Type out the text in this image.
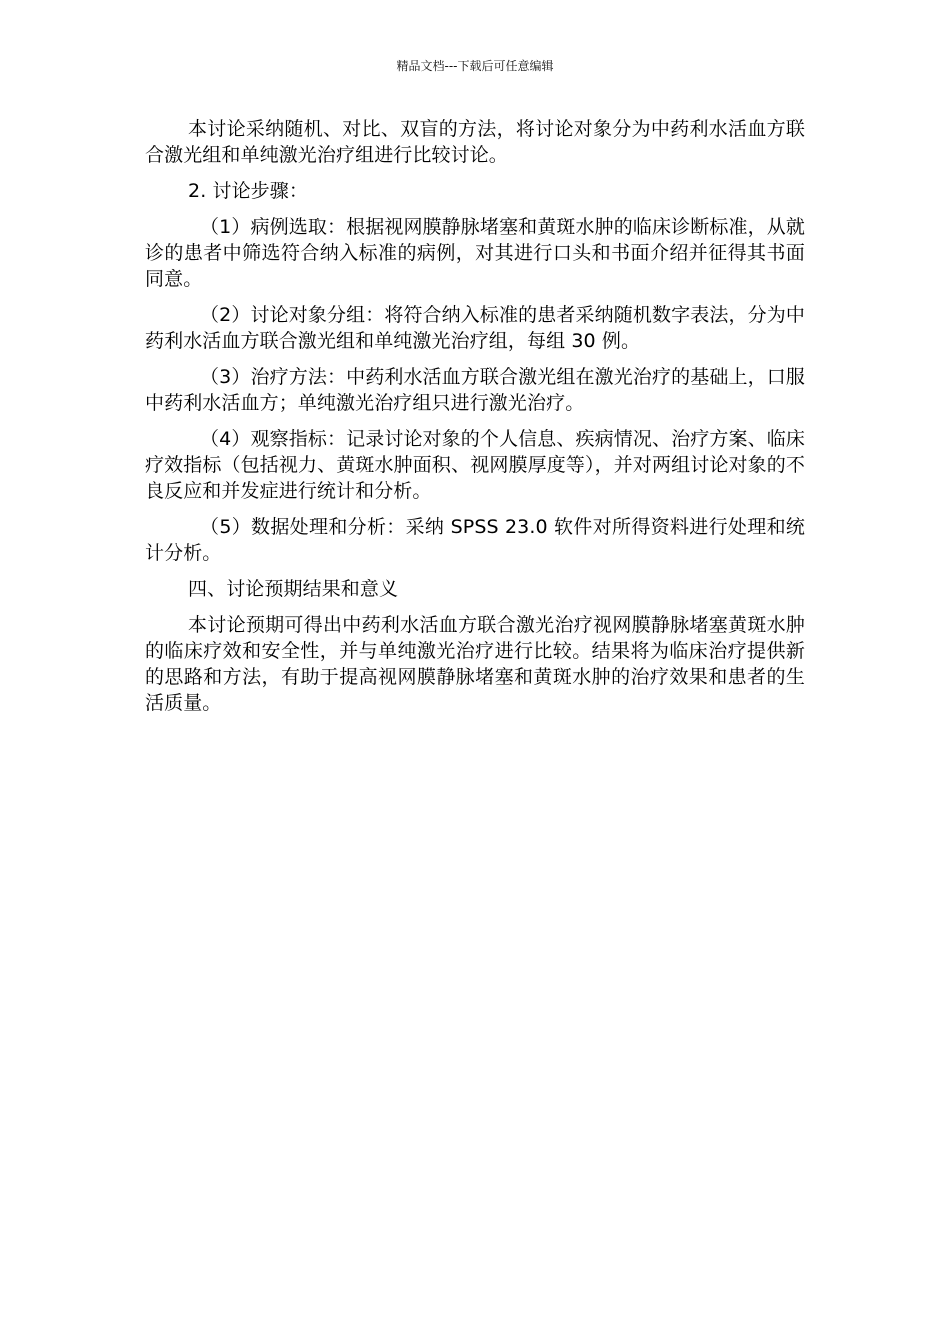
精品文档---下载后可任意编辑

本讨论采纳随机、对比、双盲的方法，将讨论对象分为中药利水活血方联合激光组和单纯激光治疗组进行比较讨论。

2. 讨论步骤：

（1）病例选取：根据视网膜静脉堵塞和黄斑水肿的临床诊断标准，从就诊的患者中筛选符合纳入标准的病例，对其进行口头和书面介绍并征得其书面同意。

（2）讨论对象分组：将符合纳入标准的患者采纳随机数字表法，分为中药利水活血方联合激光组和单纯激光治疗组，每组 30 例。

（3）治疗方法：中药利水活血方联合激光组在激光治疗的基础上，口服中药利水活血方；单纯激光治疗组只进行激光治疗。

（4）观察指标：记录讨论对象的个人信息、疾病情况、治疗方案、临床疗效指标（包括视力、黄斑水肿面积、视网膜厚度等），并对两组讨论对象的不良反应和并发症进行统计和分析。

（5）数据处理和分析：采纳 SPSS 23.0 软件对所得资料进行处理和统计分析。

四、讨论预期结果和意义

本讨论预期可得出中药利水活血方联合激光治疗视网膜静脉堵塞黄斑水肿的临床疗效和安全性，并与单纯激光治疗进行比较。结果将为临床治疗提供新的思路和方法，有助于提高视网膜静脉堵塞和黄斑水肿的治疗效果和患者的生活质量。
